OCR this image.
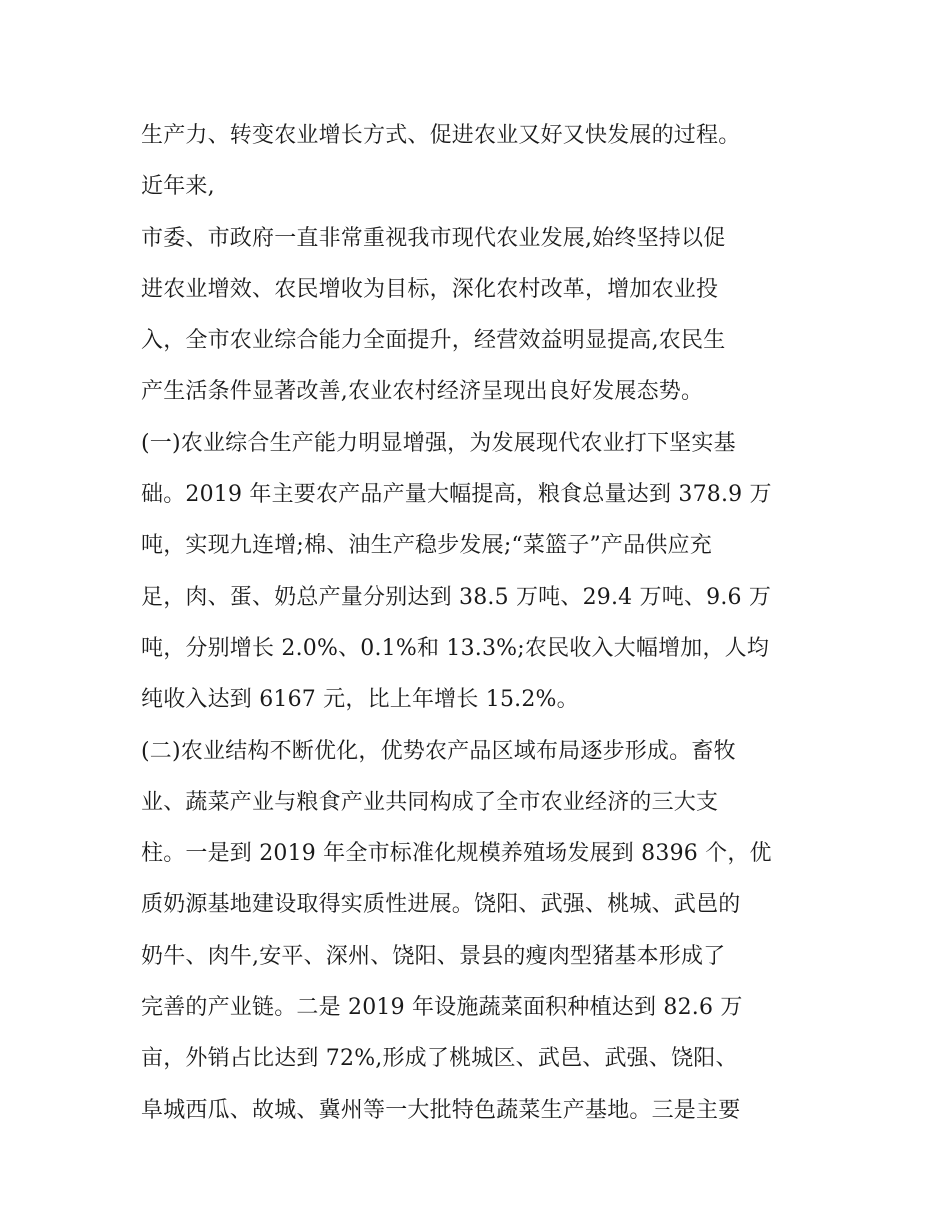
生产力、转变农业增长方式、促进农业又好又快发展的过程。
近年来,
市委、市政府一直非常重视我市现代农业发展,始终坚持以促
进农业增效、农民增收为目标，深化农村改革，增加农业投
入，全市农业综合能力全面提升，经营效益明显提高,农民生
产生活条件显著改善,农业农村经济呈现出良好发展态势。
(一)农业综合生产能力明显增强，为发展现代农业打下坚实基
础。2019 年主要农产品产量大幅提高，粮食总量达到 378.9 万
吨，实现九连增;棉、油生产稳步发展;“菜篮子”产品供应充
足，肉、蛋、奶总产量分别达到 38.5 万吨、29.4 万吨、9.6 万
吨，分别增长 2.0%、0.1%和 13.3%;农民收入大幅增加，人均
纯收入达到 6167 元，比上年增长 15.2%。
(二)农业结构不断优化，优势农产品区域布局逐步形成。畜牧
业、蔬菜产业与粮食产业共同构成了全市农业经济的三大支
柱。一是到 2019 年全市标准化规模养殖场发展到 8396 个，优
质奶源基地建设取得实质性进展。饶阳、武强、桃城、武邑的
奶牛、肉牛,安平、深州、饶阳、景县的瘦肉型猪基本形成了
完善的产业链。二是 2019 年设施蔬菜面积种植达到 82.6 万
亩，外销占比达到 72%,形成了桃城区、武邑、武强、饶阳、
阜城西瓜、故城、冀州等一大批特色蔬菜生产基地。三是主要
